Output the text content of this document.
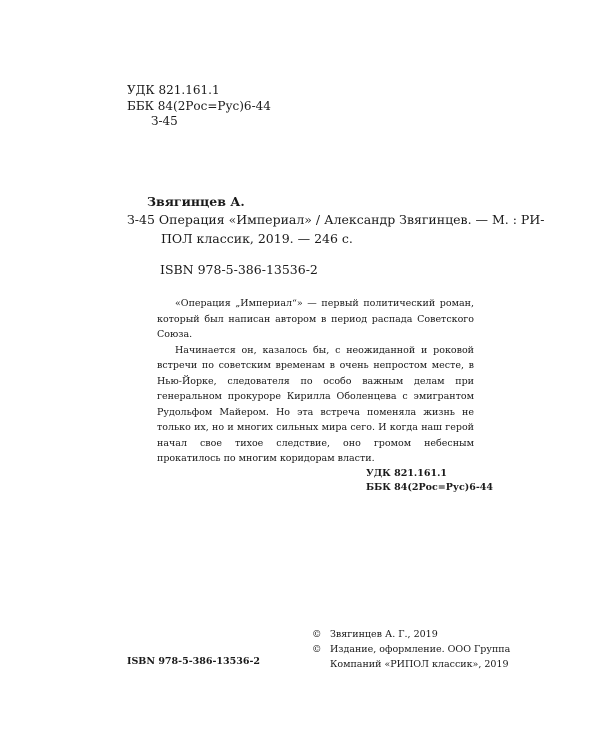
УДК 821.161.1
ББК 84(2Рос=Рус)6-44
З-45
Звягинцев А.
З-45 Операция «Империал» / Александр Звягинцев. — М. : РИ-
ПОЛ классик, 2019. — 246 с.
ISBN 978-5-386-13536-2

«Операция „Империал“» — первый политический роман, который был написан автором в период распада Советского Союза.

Начинается он, казалось бы, с неожиданной и роковой встречи по советским временам в очень непростом месте, в Нью-Йорке, следователя по особо важным делам при генеральном прокуроре Кирилла Оболенцева с эмигрантом Рудольфом Майером. Но эта встреча поменяла жизнь не только их, но и многих сильных мира сего. И когда наш герой начал свое тихое следствие, оно громом небесным прокатилось по многим коридорам власти.

УДК 821.161.1
ББК 84(2Рос=Рус)6-44
ISBN 978-5-386-13536-2
© Звягинцев А. Г., 2019
© Издание, оформление. ООО Группа
Компаний «РИПОЛ классик», 2019
